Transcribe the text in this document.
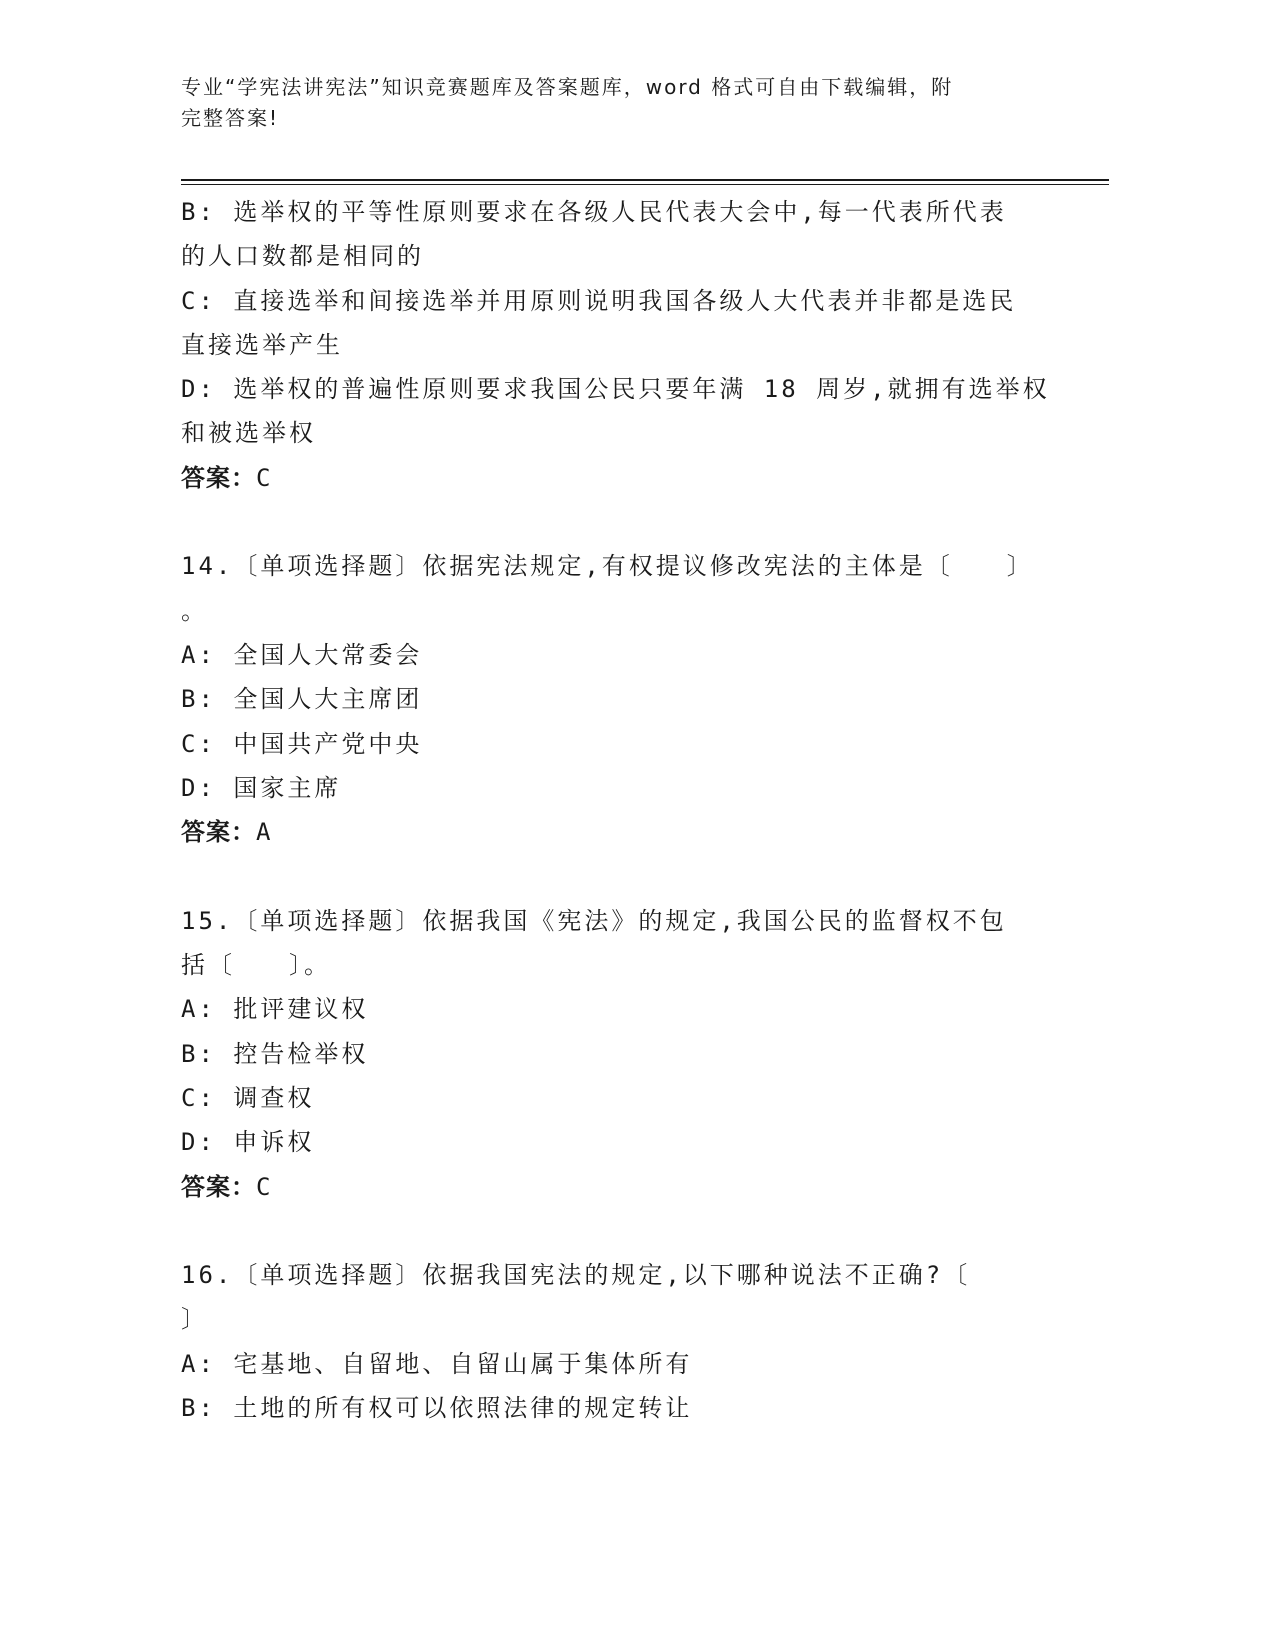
专业“学宪法讲宪法”知识竞赛题库及答案题库，word 格式可自由下载编辑，附
完整答案!
B: 选举权的平等性原则要求在各级人民代表大会中,每一代表所代表
的人口数都是相同的
C: 直接选举和间接选举并用原则说明我国各级人大代表并非都是选民
直接选举产生
D: 选举权的普遍性原则要求我国公民只要年满 18 周岁,就拥有选举权
和被选举权
答案：C
14.〔单项选择题〕依据宪法规定,有权提议修改宪法的主体是〔　　〕
。
A: 全国人大常委会
B: 全国人大主席团
C: 中国共产党中央
D: 国家主席
答案：A
15.〔单项选择题〕依据我国《宪法》的规定,我国公民的监督权不包
括〔　　〕。
A: 批评建议权
B: 控告检举权
C: 调查权
D: 申诉权
答案：C
16.〔单项选择题〕依据我国宪法的规定,以下哪种说法不正确?〔
〕
A: 宅基地、自留地、自留山属于集体所有
B: 土地的所有权可以依照法律的规定转让
